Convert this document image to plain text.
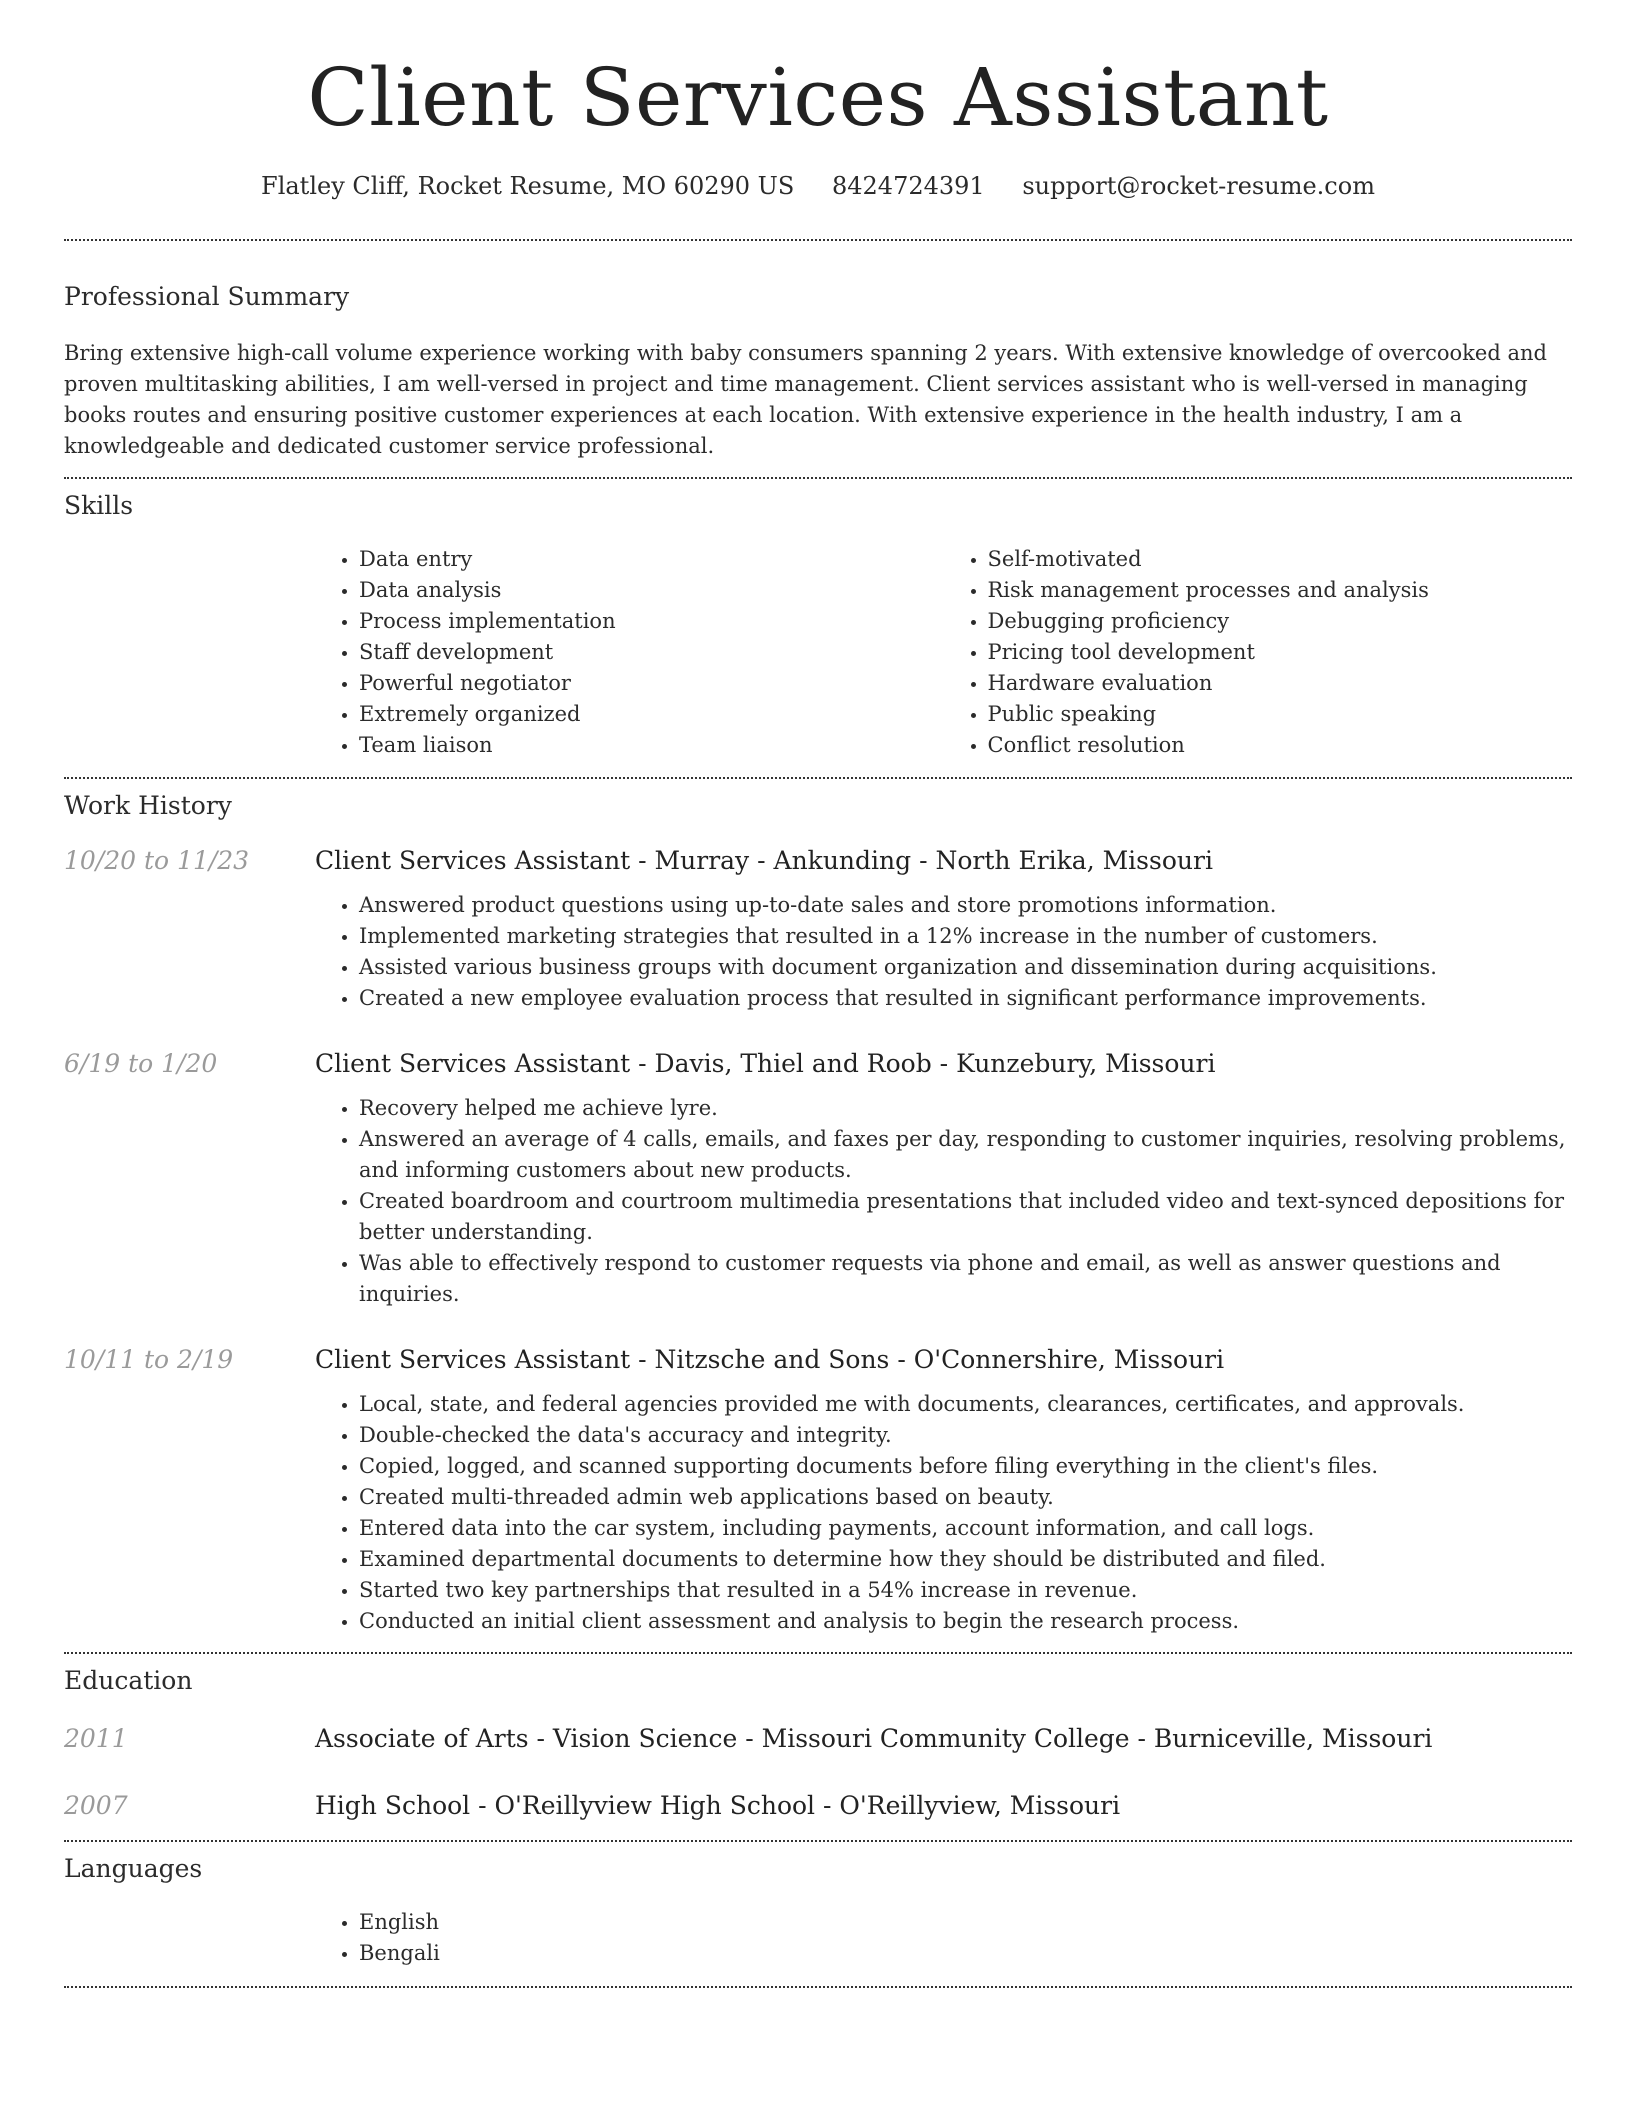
Client Services Assistant
Flatley Cliff, Rocket Resume, MO 60290 US 8424724391 support@rocket-resume.com
Professional Summary

Bring extensive high-call volume experience working with baby consumers spanning 2 years. With extensive knowledge of overcooked and proven multitasking abilities, I am well-versed in project and time management. Client services assistant who is well-versed in managing books routes and ensuring positive customer experiences at each location. With extensive experience in the health industry, I am a knowledgeable and dedicated customer service professional.

Skills
• Data entry
• Data analysis
• Process implementation
• Staff development
• Powerful negotiator
• Extremely organized
• Team liaison
• Self-motivated
• Risk management processes and analysis
• Debugging proficiency
• Pricing tool development
• Hardware evaluation
• Public speaking
• Conflict resolution
Work History
10/20 to 11/23	Client Services Assistant - Murray - Ankunding - North Erika, Missouri

• Answered product questions using up-to-date sales and store promotions information.
• Implemented marketing strategies that resulted in a 12% increase in the number of customers.
• Assisted various business groups with document organization and dissemination during acquisitions.
• Created a new employee evaluation process that resulted in significant performance improvements.
6/19 to 1/20	Client Services Assistant - Davis, Thiel and Roob - Kunzebury, Missouri

• Recovery helped me achieve lyre.
• Answered an average of 4 calls, emails, and faxes per day, responding to customer inquiries, resolving problems, and informing customers about new products.
• Created boardroom and courtroom multimedia presentations that included video and text-synced depositions for better understanding.
• Was able to effectively respond to customer requests via phone and email, as well as answer questions and inquiries.
10/11 to 2/19	Client Services Assistant - Nitzsche and Sons - O'Connershire, Missouri

• Local, state, and federal agencies provided me with documents, clearances, certificates, and approvals.
• Double-checked the data's accuracy and integrity.
• Copied, logged, and scanned supporting documents before filing everything in the client's files.
• Created multi-threaded admin web applications based on beauty.
• Entered data into the car system, including payments, account information, and call logs.
• Examined departmental documents to determine how they should be distributed and filed.
• Started two key partnerships that resulted in a 54% increase in revenue.
• Conducted an initial client assessment and analysis to begin the research process.
Education
2011	Associate of Arts - Vision Science - Missouri Community College - Burniceville, Missouri

2007	High School - O'Reillyview High School - O'Reillyview, Missouri

Languages
• English
• Bengali
